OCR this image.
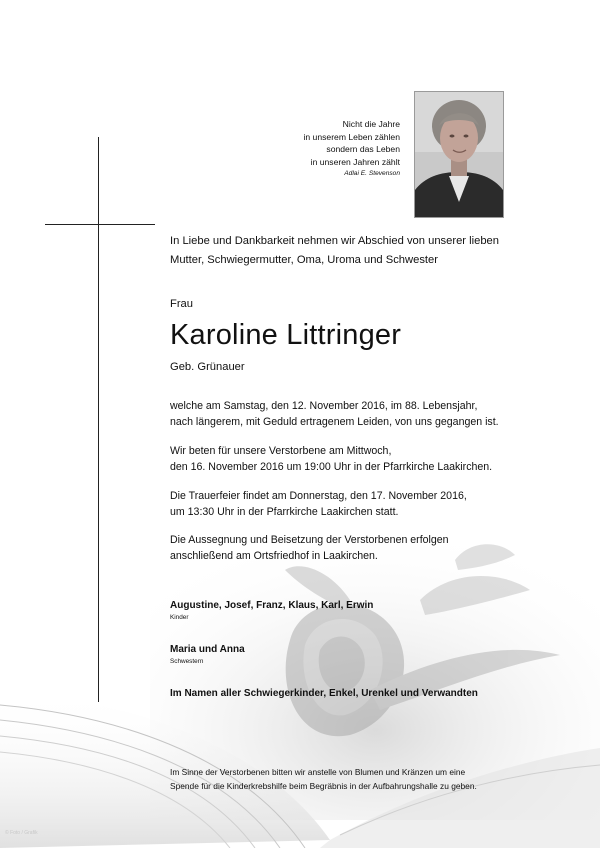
Nicht die Jahre
in unserem Leben zählen
sondern das Leben
in unseren Jahren zählt
Adlai E. Stevenson
In Liebe und Dankbarkeit nehmen wir Abschied von unserer lieben
Mutter, Schwiegermutter, Oma, Uroma und Schwester
Frau
Karoline Littringer
Geb. Grünauer
welche am Samstag, den 12. November 2016, im 88. Lebensjahr,
nach längerem, mit Geduld ertragenem Leiden, von uns gegangen ist.
Wir beten für unsere Verstorbene am Mittwoch,
den 16. November 2016 um 19:00 Uhr in der Pfarrkirche Laakirchen.
Die Trauerfeier findet am Donnerstag, den 17. November 2016,
um 13:30 Uhr in der Pfarrkirche Laakirchen statt.
Die Aussegnung und Beisetzung der Verstorbenen erfolgen
anschließend am Ortsfriedhof in Laakirchen.
Augustine, Josef, Franz, Klaus, Karl, Erwin
Kinder
Maria und Anna
Schwestern
Im Namen aller Schwiegerkinder, Enkel, Urenkel und Verwandten
Im Sinne der Verstorbenen bitten wir anstelle von Blumen und Kränzen um eine
Spende für die Kinderkrebshilfe beim Begräbnis in der Aufbahrungshalle zu geben.
© Foto / Grafik
